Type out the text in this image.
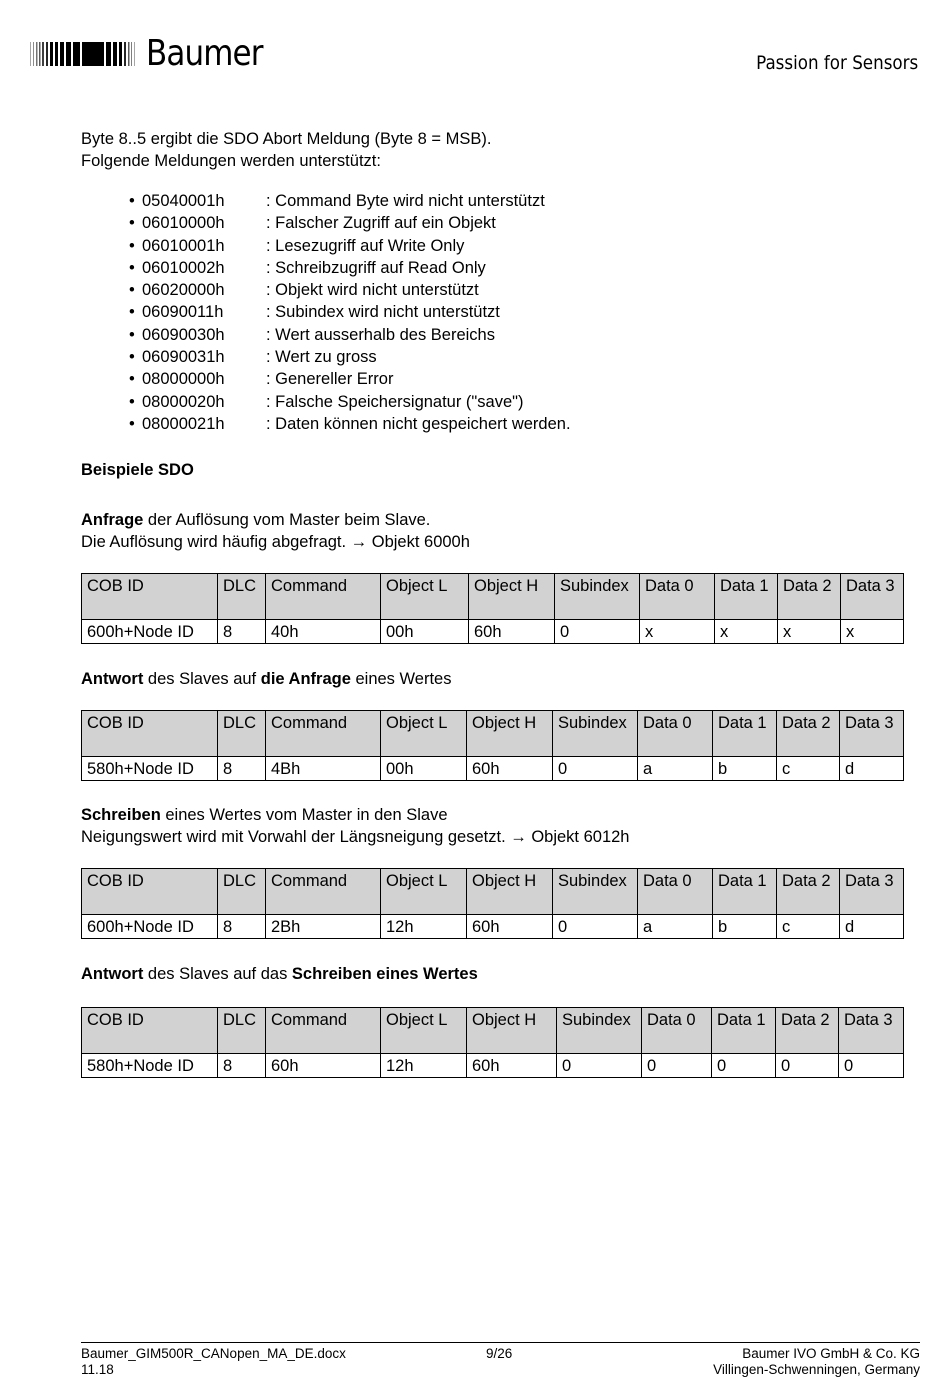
Baumer	Passion for Sensors
Byte 8..5 ergibt die SDO Abort Meldung (Byte 8 = MSB).
Folgende Meldungen werden unterstützt:
• 05040001h	: Command Byte wird nicht unterstützt
• 06010000h	: Falscher Zugriff auf ein Objekt
• 06010001h	: Lesezugriff auf Write Only
• 06010002h	: Schreibzugriff auf Read Only
• 06020000h	: Objekt wird nicht unterstützt
• 06090011h	: Subindex wird nicht unterstützt
• 06090030h	: Wert ausserhalb des Bereichs
• 06090031h	: Wert zu gross
• 08000000h	: Genereller Error
• 08000020h	: Falsche Speichersignatur ("save")
• 08000021h	: Daten können nicht gespeichert werden.
Beispiele SDO
Anfrage der Auflösung vom Master beim Slave.
Die Auflösung wird häufig abgefragt. → Objekt 6000h
COB ID	DLC	Command	Object L	Object H	Subindex	Data 0	Data 1	Data 2	Data 3
600h+Node ID	8	40h	00h	60h	0	x	x	x	x
Antwort des Slaves auf die Anfrage eines Wertes
COB ID	DLC	Command	Object L	Object H	Subindex	Data 0	Data 1	Data 2	Data 3
580h+Node ID	8	4Bh	00h	60h	0	a	b	c	d
Schreiben eines Wertes vom Master in den Slave
Neigungswert wird mit Vorwahl der Längsneigung gesetzt. → Objekt 6012h
COB ID	DLC	Command	Object L	Object H	Subindex	Data 0	Data 1	Data 2	Data 3
600h+Node ID	8	2Bh	12h	60h	0	a	b	c	d
Antwort des Slaves auf das Schreiben eines Wertes
COB ID	DLC	Command	Object L	Object H	Subindex	Data 0	Data 1	Data 2	Data 3
580h+Node ID	8	60h	12h	60h	0	0	0	0	0
Baumer_GIM500R_CANopen_MA_DE.docx
11.18
9/26	Baumer IVO GmbH & Co. KG
Villingen-Schwenningen, Germany
